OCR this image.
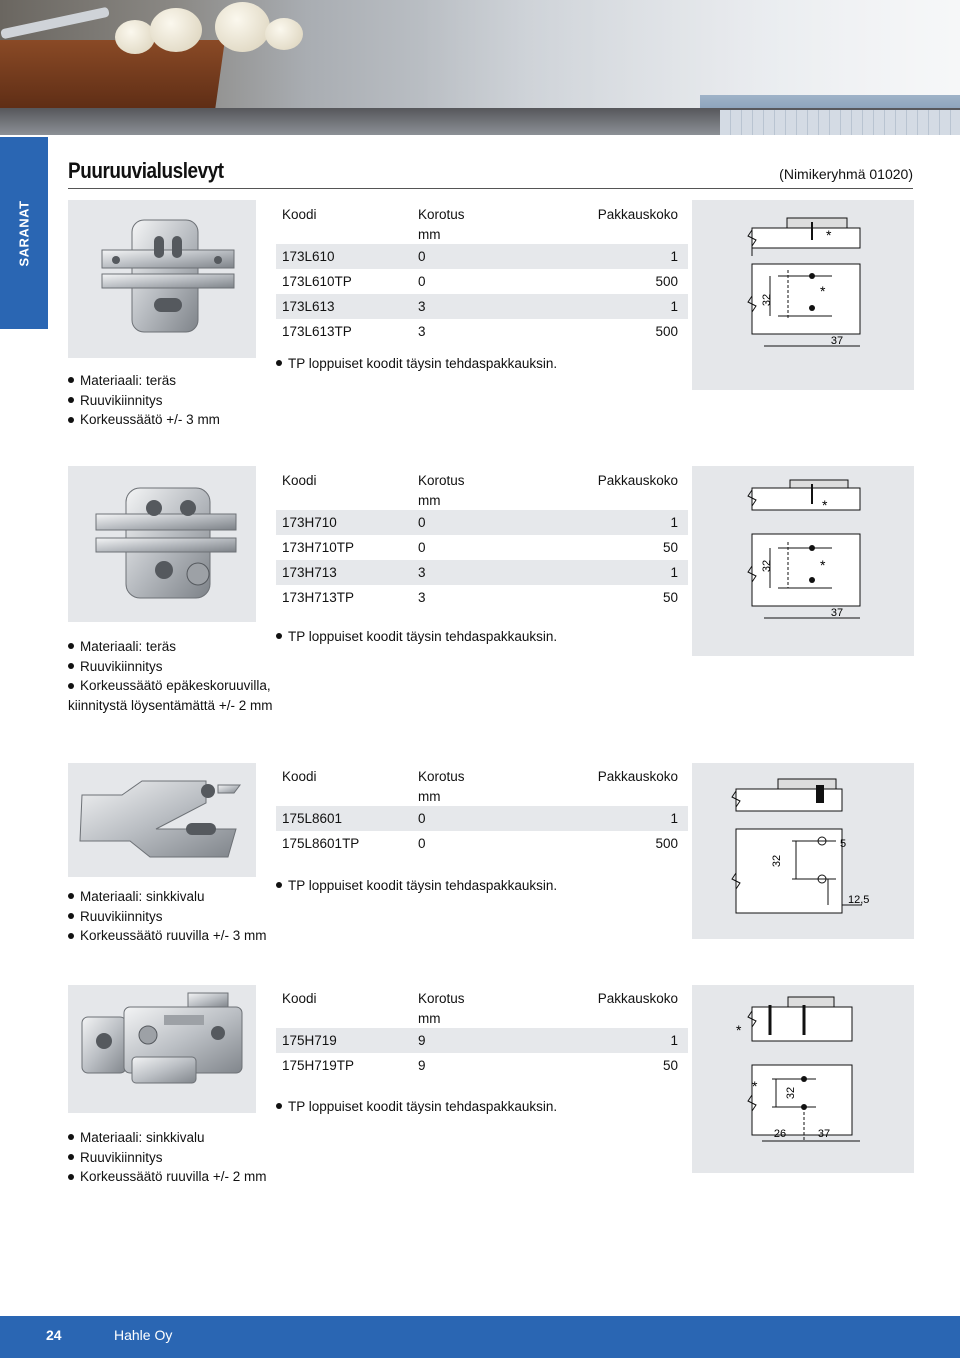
SARANAT
Puuruuvialuslevyt	(Nimikeryhmä 01020)
Materiaali: teräs
Ruuvikiinnitys
Korkeussäätö +/- 3 mm
Koodi	Korotus	Pakkauskoko
	mm	
173L610	0	1
173L610TP	0	500
173L613	3	1
173L613TP	3	500
TP loppuiset koodit täysin tehdaspakkauksin.
32
37
*
*
Koodi	Korotus	Pakkauskoko
	mm	
173H710	0	1
173H710TP	0	50
173H713	3	1
173H713TP	3	50
TP loppuiset koodit täysin tehdaspakkauksin.
Materiaali: teräs
Ruuvikiinnitys
Korkeussäätö epäkeskoruuvilla,
kiinnitystä löysentämättä +/- 2 mm
32
37
*
*
Koodi	Korotus	Pakkauskoko
	mm	
175L8601	0	1
175L8601TP	0	500
TP loppuiset koodit täysin tehdaspakkauksin.
Materiaali: sinkkivalu
Ruuvikiinnitys
Korkeussäätö ruuvilla +/- 3 mm
32
5
12,5
Koodi	Korotus	Pakkauskoko
	mm	
175H719	9	1
175H719TP	9	50
TP loppuiset koodit täysin tehdaspakkauksin.
Materiaali: sinkkivalu
Ruuvikiinnitys
Korkeussäätö ruuvilla +/- 2 mm
32
26	37
*
*
24	Hahle Oy
